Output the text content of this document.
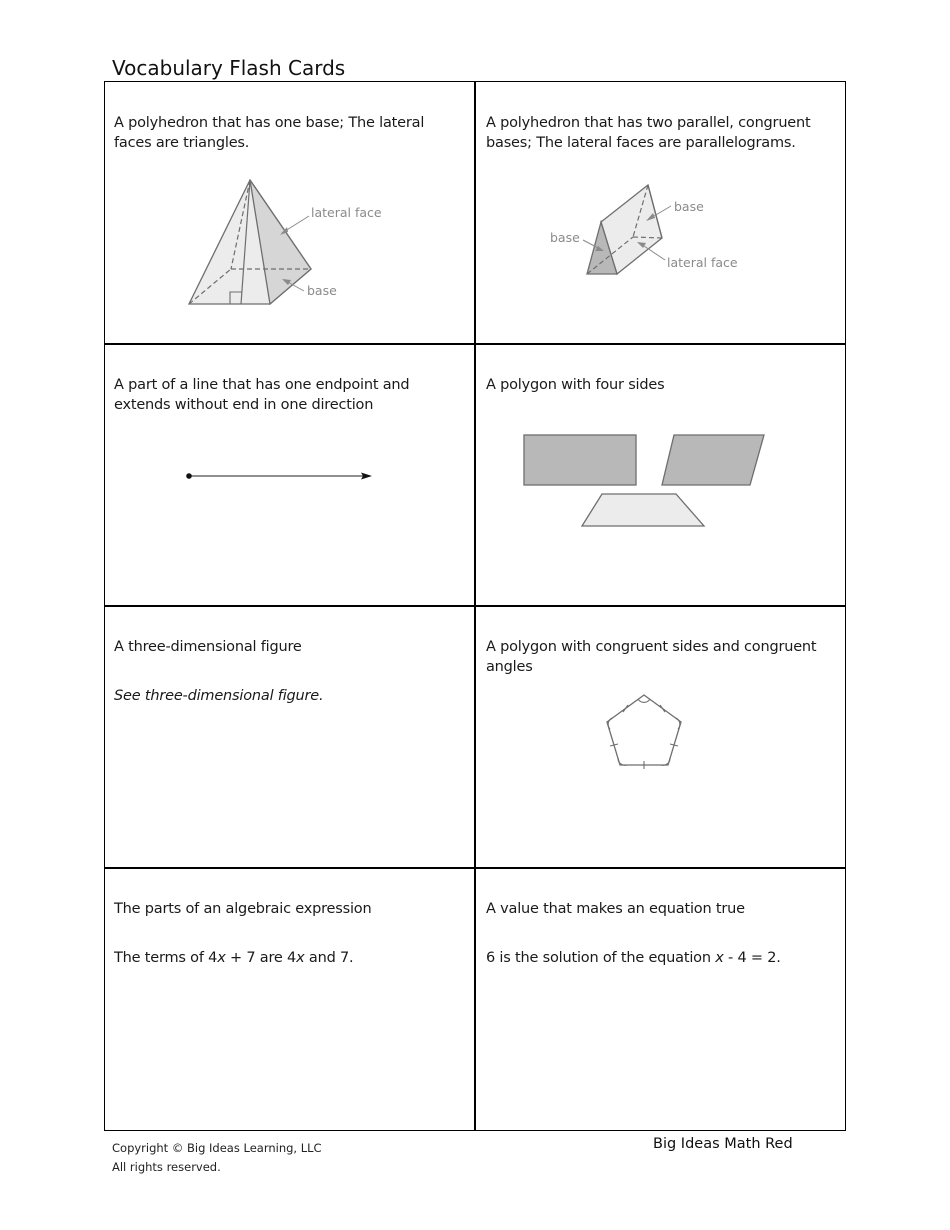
Vocabulary Flash Cards
A polyhedron that has one base; The lateral faces are triangles.
lateral face
base
A polyhedron that has two parallel, congruent bases; The lateral faces are parallelograms.
base
base
lateral face
A part of a line that has one endpoint and extends without end in one direction
A polygon with four sides
A three-dimensional figure
See three-dimensional figure.
A polygon with congruent sides and congruent angles
The parts of an algebraic expression
The terms of 4x + 7 are 4x and 7.
A value that makes an equation true
6 is the solution of the equation x - 4 = 2.
Copyright © Big Ideas Learning, LLC
All rights reserved.
Big Ideas Math Red
